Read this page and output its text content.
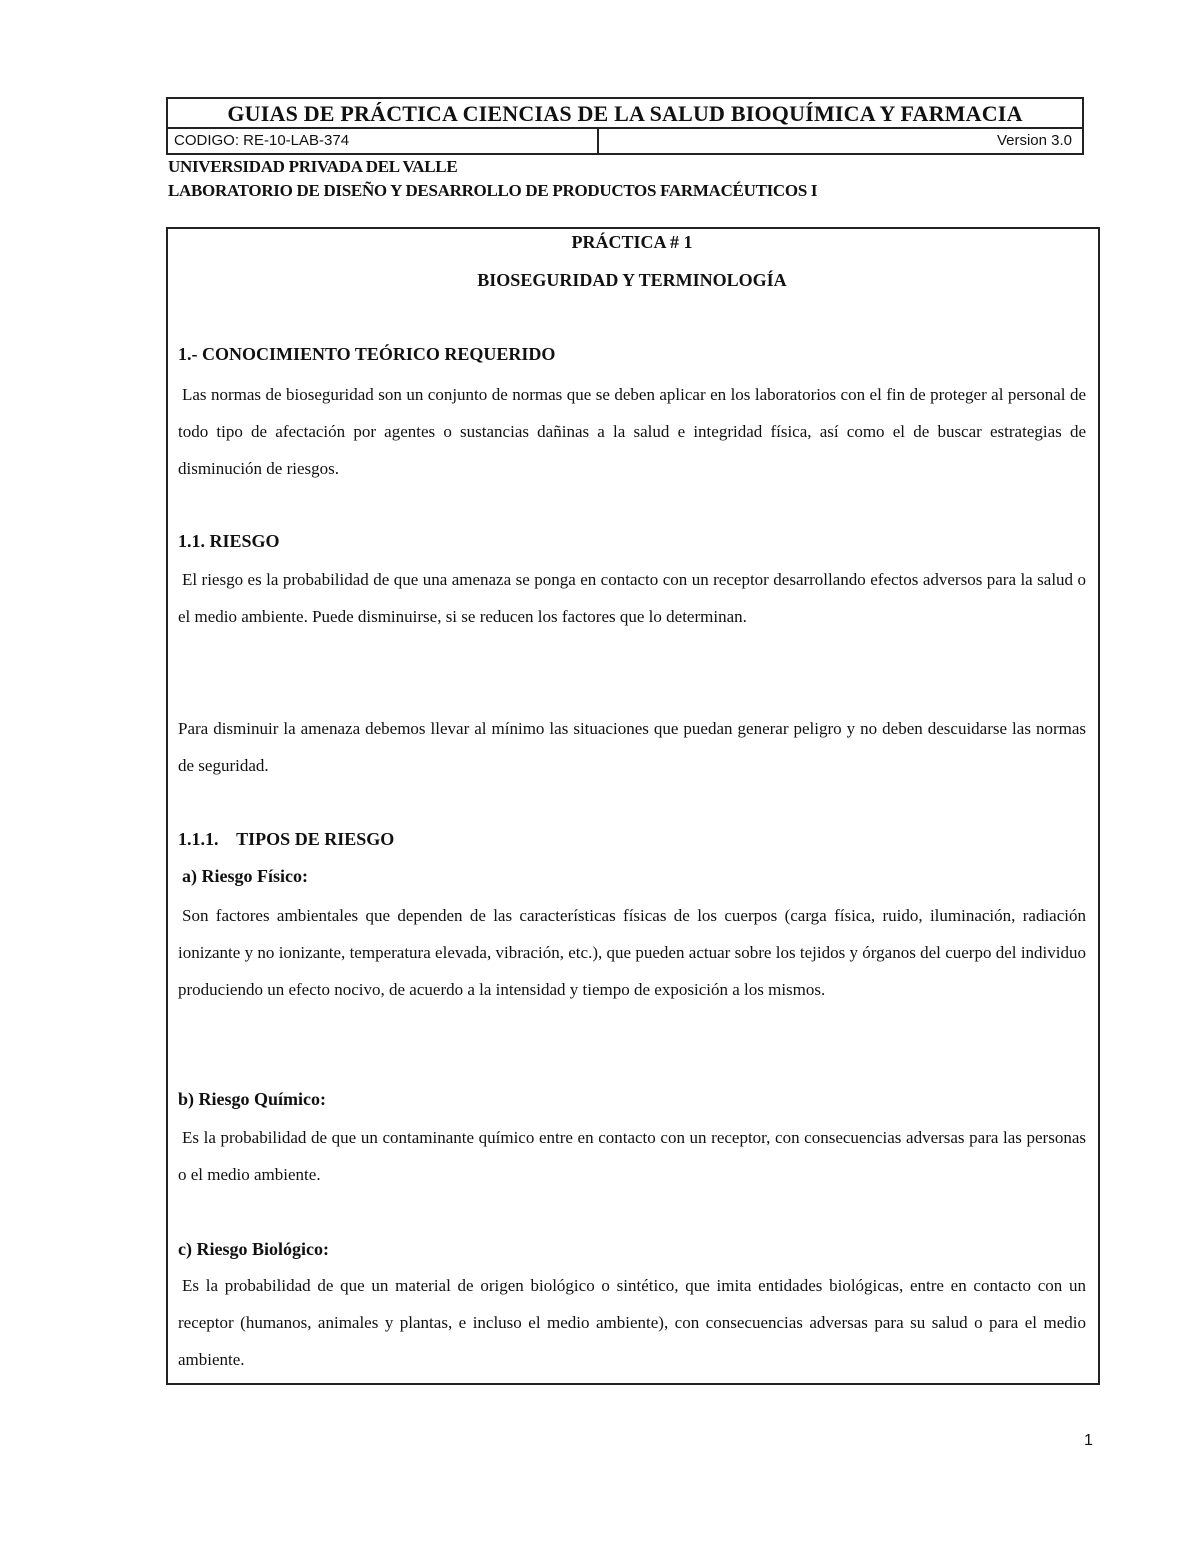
GUIAS DE PRÁCTICA CIENCIAS DE LA SALUD BIOQUÍMICA Y FARMACIA
CODIGO: RE-10-LAB-374	Version 3.0
UNIVERSIDAD PRIVADA DEL VALLE
LABORATORIO DE DISEÑO Y DESARROLLO DE PRODUCTOS FARMACÉUTICOS I
PRÁCTICA # 1
BIOSEGURIDAD Y TERMINOLOGÍA
1.- CONOCIMIENTO TEÓRICO REQUERIDO
Las normas de bioseguridad son un conjunto de normas que se deben aplicar en los laboratorios con el fin de proteger al personal de todo tipo de afectación por agentes o sustancias dañinas a la salud e integridad física, así como el de buscar estrategias de disminución de riesgos.
1.1. RIESGO
El riesgo es la probabilidad de que una amenaza se ponga en contacto con un receptor desarrollando efectos adversos para la salud o el medio ambiente. Puede disminuirse, si se reducen los factores que lo determinan.
Para disminuir la amenaza debemos llevar al mínimo las situaciones que puedan generar peligro y no deben descuidarse las normas de seguridad.
1.1.1.    TIPOS DE RIESGO
a) Riesgo Físico:
Son factores ambientales que dependen de las características físicas de los cuerpos (carga física, ruido, iluminación, radiación ionizante y no ionizante, temperatura elevada, vibración, etc.), que pueden actuar sobre los tejidos y órganos del cuerpo del individuo produciendo un efecto nocivo, de acuerdo a la intensidad y tiempo de exposición a los mismos.
b) Riesgo Químico:
Es la probabilidad de que un contaminante químico entre en contacto con un receptor, con consecuencias adversas para las personas o el medio ambiente.
c) Riesgo Biológico:
Es la probabilidad de que un material de origen biológico o sintético, que imita entidades biológicas, entre en contacto con un receptor (humanos, animales y plantas, e incluso el medio ambiente), con consecuencias adversas para su salud o para el medio ambiente.
1
